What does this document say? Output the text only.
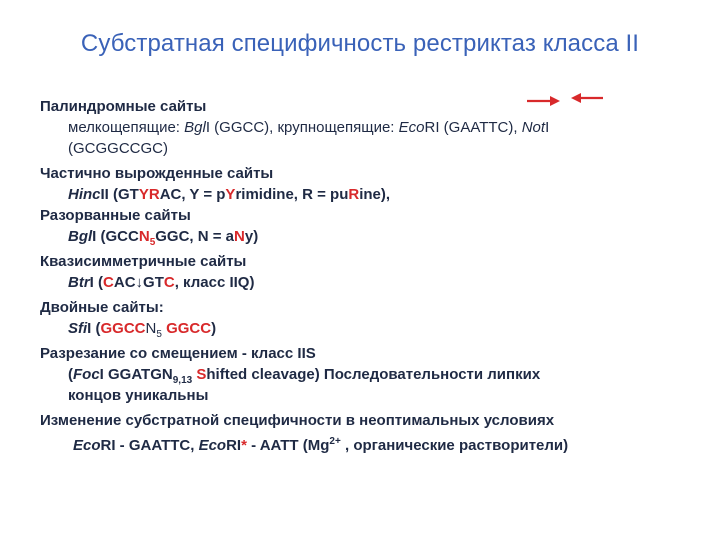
Субстратная специфичность рестриктаз класса II
Палиндромные сайты
мелкощепящие: BglI (GGCC), крупнощепящие: EcoRI (GAATTC), NotI
(GCGGCCGC)
Частично вырожденные сайты
HincII (GTYRAC, Y = pYrimidine, R = puRine),
Разорванные сайты
BglI ($GCCN_5GGC$, N = aNy)
Квазисимметричные сайты
BtrI (CAC↓GTC, класс IIQ)
Двойные сайты:
SfiI ($GGCCN_5$ GGCC)
Разрезание со смещением - класс IIS
(FocI $GGATGN_{9,13}$ Shifted cleavage) Последовательности липких
концов уникальны
Изменение субстратной специфичности в неоптимальных условиях
EcoRI - GAATTC, EcoRI* - AATT ($Mg^{2+}$ , органические растворители)
